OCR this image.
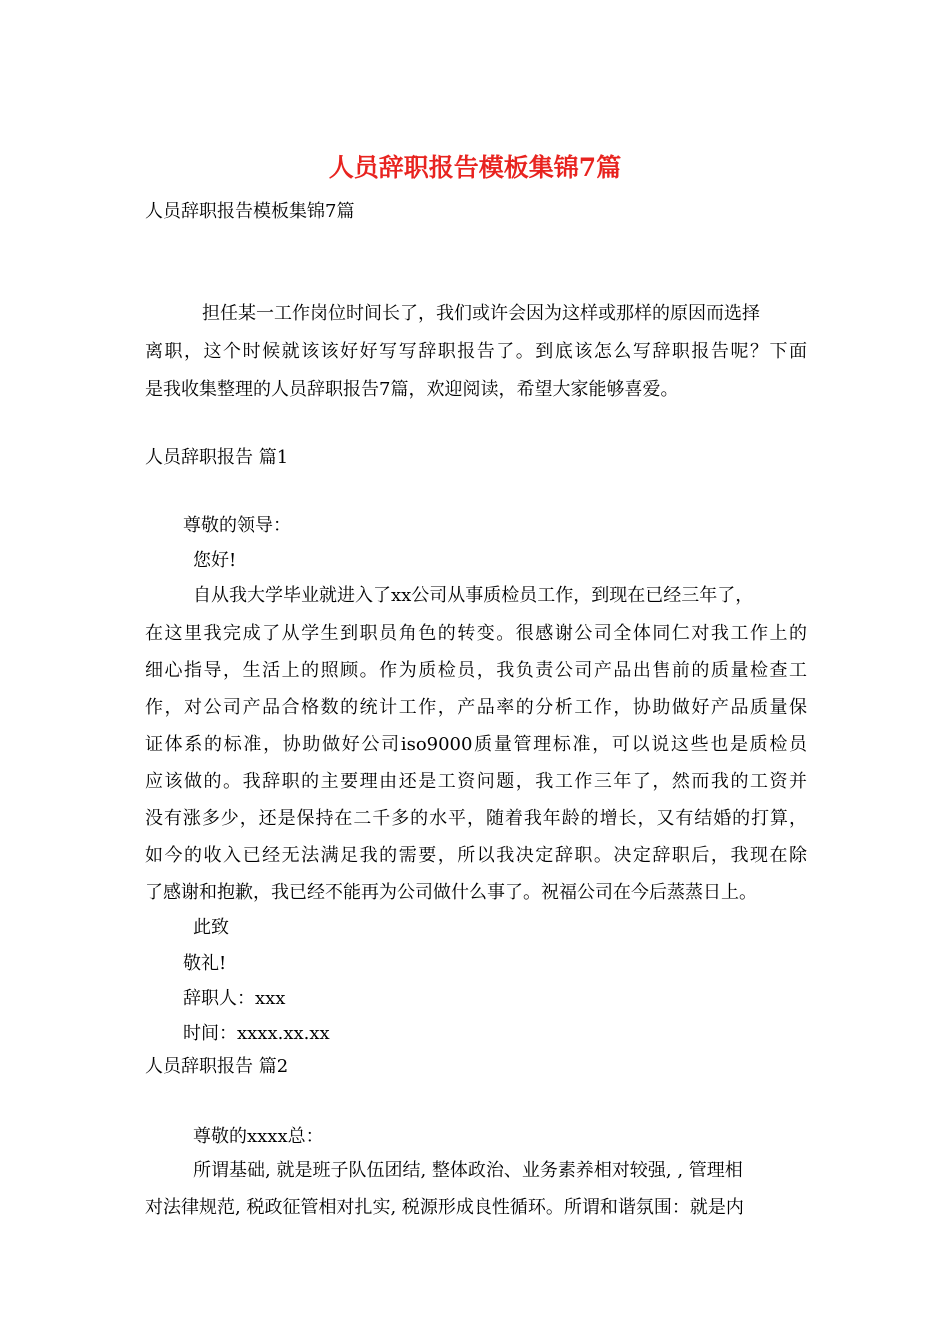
人员辞职报告模板集锦7篇
人员辞职报告模板集锦7篇
担任某一工作岗位时间长了，我们或许会因为这样或那样的原因而选择
离职，这个时候就该该好好写写辞职报告了。到底该怎么写辞职报告呢？下面
是我收集整理的人员辞职报告7篇，欢迎阅读，希望大家能够喜爱。
人员辞职报告 篇1
尊敬的领导：
您好!
自从我大学毕业就进入了xx公司从事质检员工作，到现在已经三年了，
在这里我完成了从学生到职员角色的转变。很感谢公司全体同仁对我工作上的
细心指导，生活上的照顾。作为质检员，我负责公司产品出售前的质量检查工
作，对公司产品合格数的统计工作，产品率的分析工作，协助做好产品质量保
证体系的标准，协助做好公司iso9000质量管理标准，可以说这些也是质检员
应该做的。我辞职的主要理由还是工资问题，我工作三年了，然而我的工资并
没有涨多少，还是保持在二千多的水平，随着我年龄的增长，又有结婚的打算，
如今的收入已经无法满足我的需要，所以我决定辞职。决定辞职后，我现在除
了感谢和抱歉，我已经不能再为公司做什么事了。祝福公司在今后蒸蒸日上。
此致
敬礼!
辞职人：xxx
时间：xxxx.xx.xx
人员辞职报告 篇2
尊敬的xxxx总：
所谓基础, 就是班子队伍团结, 整体政治、业务素养相对较强, , 管理相
对法律规范, 税政征管相对扎实, 税源形成良性循环。所谓和谐氛围：就是内
